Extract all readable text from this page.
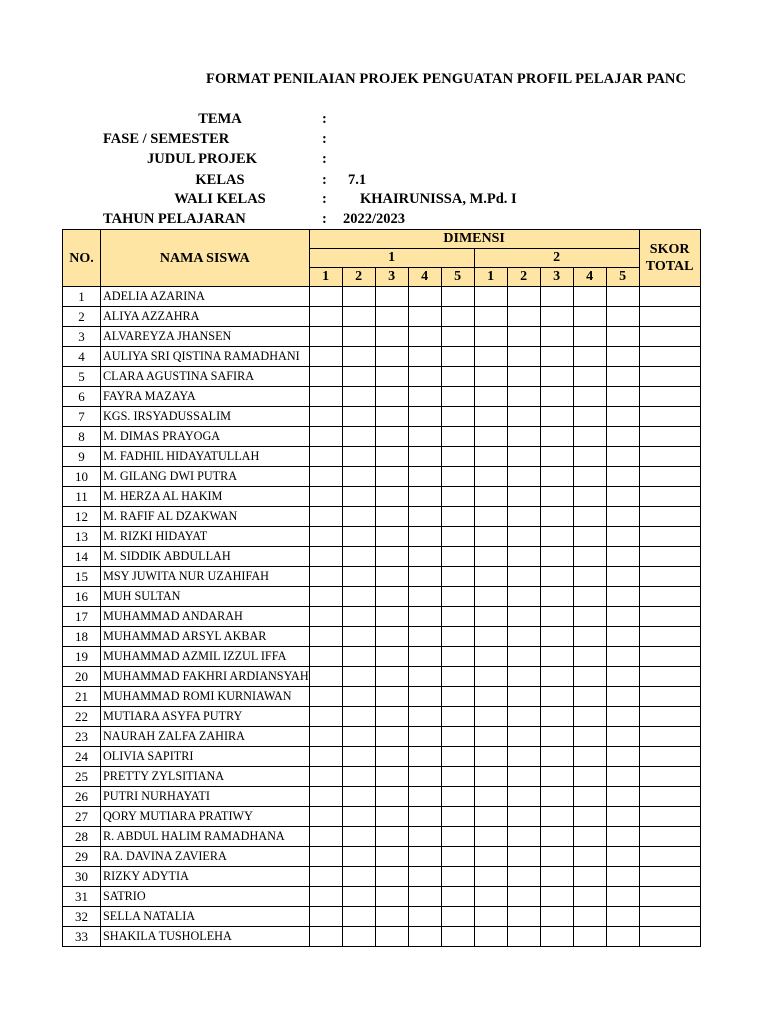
FORMAT PENILAIAN PROJEK PENGUATAN PROFIL PELAJAR PANC
TEMA	:
FASE / SEMESTER	:
JUDUL PROJEK	:
KELAS	: 7.1
WALI KELAS	: KHAIRUNISSA, M.Pd. I
TAHUN PELAJARAN	: 2022/2023
NO.	NAMA SISWA	DIMENSI										SKOR
TOTAL
		1					2					
		1	2	3	4	5	1	2	3	4	5	
1	ADELIA AZARINA											
2	ALIYA AZZAHRA											
3	ALVAREYZA JHANSEN											
4	AULIYA SRI QISTINA RAMADHANI											
5	CLARA AGUSTINA SAFIRA											
6	FAYRA MAZAYA											
7	KGS. IRSYADUSSALIM											
8	M. DIMAS PRAYOGA											
9	M. FADHIL HIDAYATULLAH											
10	M. GILANG DWI PUTRA											
11	M. HERZA AL HAKIM											
12	M. RAFIF AL DZAKWAN											
13	M. RIZKI HIDAYAT											
14	M. SIDDIK ABDULLAH											
15	MSY JUWITA NUR UZAHIFAH											
16	MUH SULTAN											
17	MUHAMMAD ANDARAH											
18	MUHAMMAD ARSYL AKBAR											
19	MUHAMMAD AZMIL IZZUL IFFA											
20	MUHAMMAD FAKHRI ARDIANSYAH											
21	MUHAMMAD ROMI KURNIAWAN											
22	MUTIARA ASYFA PUTRY											
23	NAURAH ZALFA ZAHIRA											
24	OLIVIA SAPITRI											
25	PRETTY ZYLSITIANA											
26	PUTRI NURHAYATI											
27	QORY MUTIARA PRATIWY											
28	R. ABDUL HALIM RAMADHANA											
29	RA. DAVINA ZAVIERA											
30	RIZKY ADYTIA											
31	SATRIO											
32	SELLA NATALIA											
33	SHAKILA TUSHOLEHA											
